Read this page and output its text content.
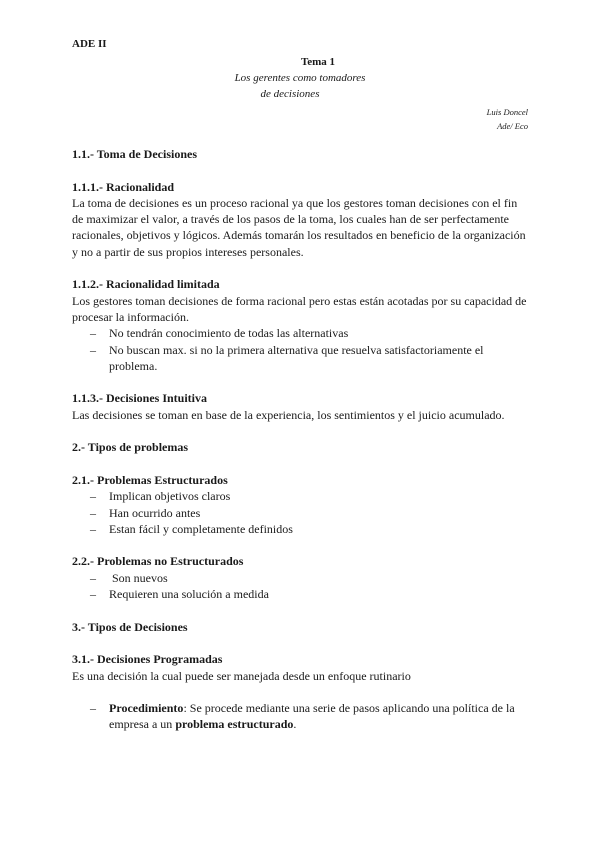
ADE II
Tema 1
Los gerentes como tomadores
de decisiones
Luis Doncel
Ade/ Eco
1.1.- Toma de Decisiones
1.1.1.- Racionalidad

La toma de decisiones es un proceso racional ya que los gestores toman decisiones con el fin de maximizar el valor, a través de los pasos de la toma, los cuales han de ser perfectamente racionales, objetivos y lógicos. Además tomarán los resultados en beneficio de la organización y no a partir de sus propios intereses personales.

1.1.2.- Racionalidad limitada

Los gestores toman decisiones de forma racional pero estas están acotadas por su capacidad de procesar la información.

– No tendrán conocimiento de todas las alternativas
– No buscan max. si no la primera alternativa que resuelva satisfactoriamente el problema.
1.1.3.- Decisiones Intuitiva

Las decisiones se toman en base de la experiencia, los sentimientos y el juicio acumulado.

2.- Tipos de problemas
2.1.- Problemas Estructurados
– Implican objetivos claros
– Han ocurrido antes
– Estan fácil y completamente definidos
2.2.- Problemas no Estructurados
–  Son nuevos
– Requieren una solución a medida
3.- Tipos de Decisiones
3.1.- Decisiones Programadas

Es una decisión la cual puede ser manejada desde un enfoque rutinario

– Procedimiento: Se procede mediante una serie de pasos aplicando una política de la empresa a un problema estructurado.
